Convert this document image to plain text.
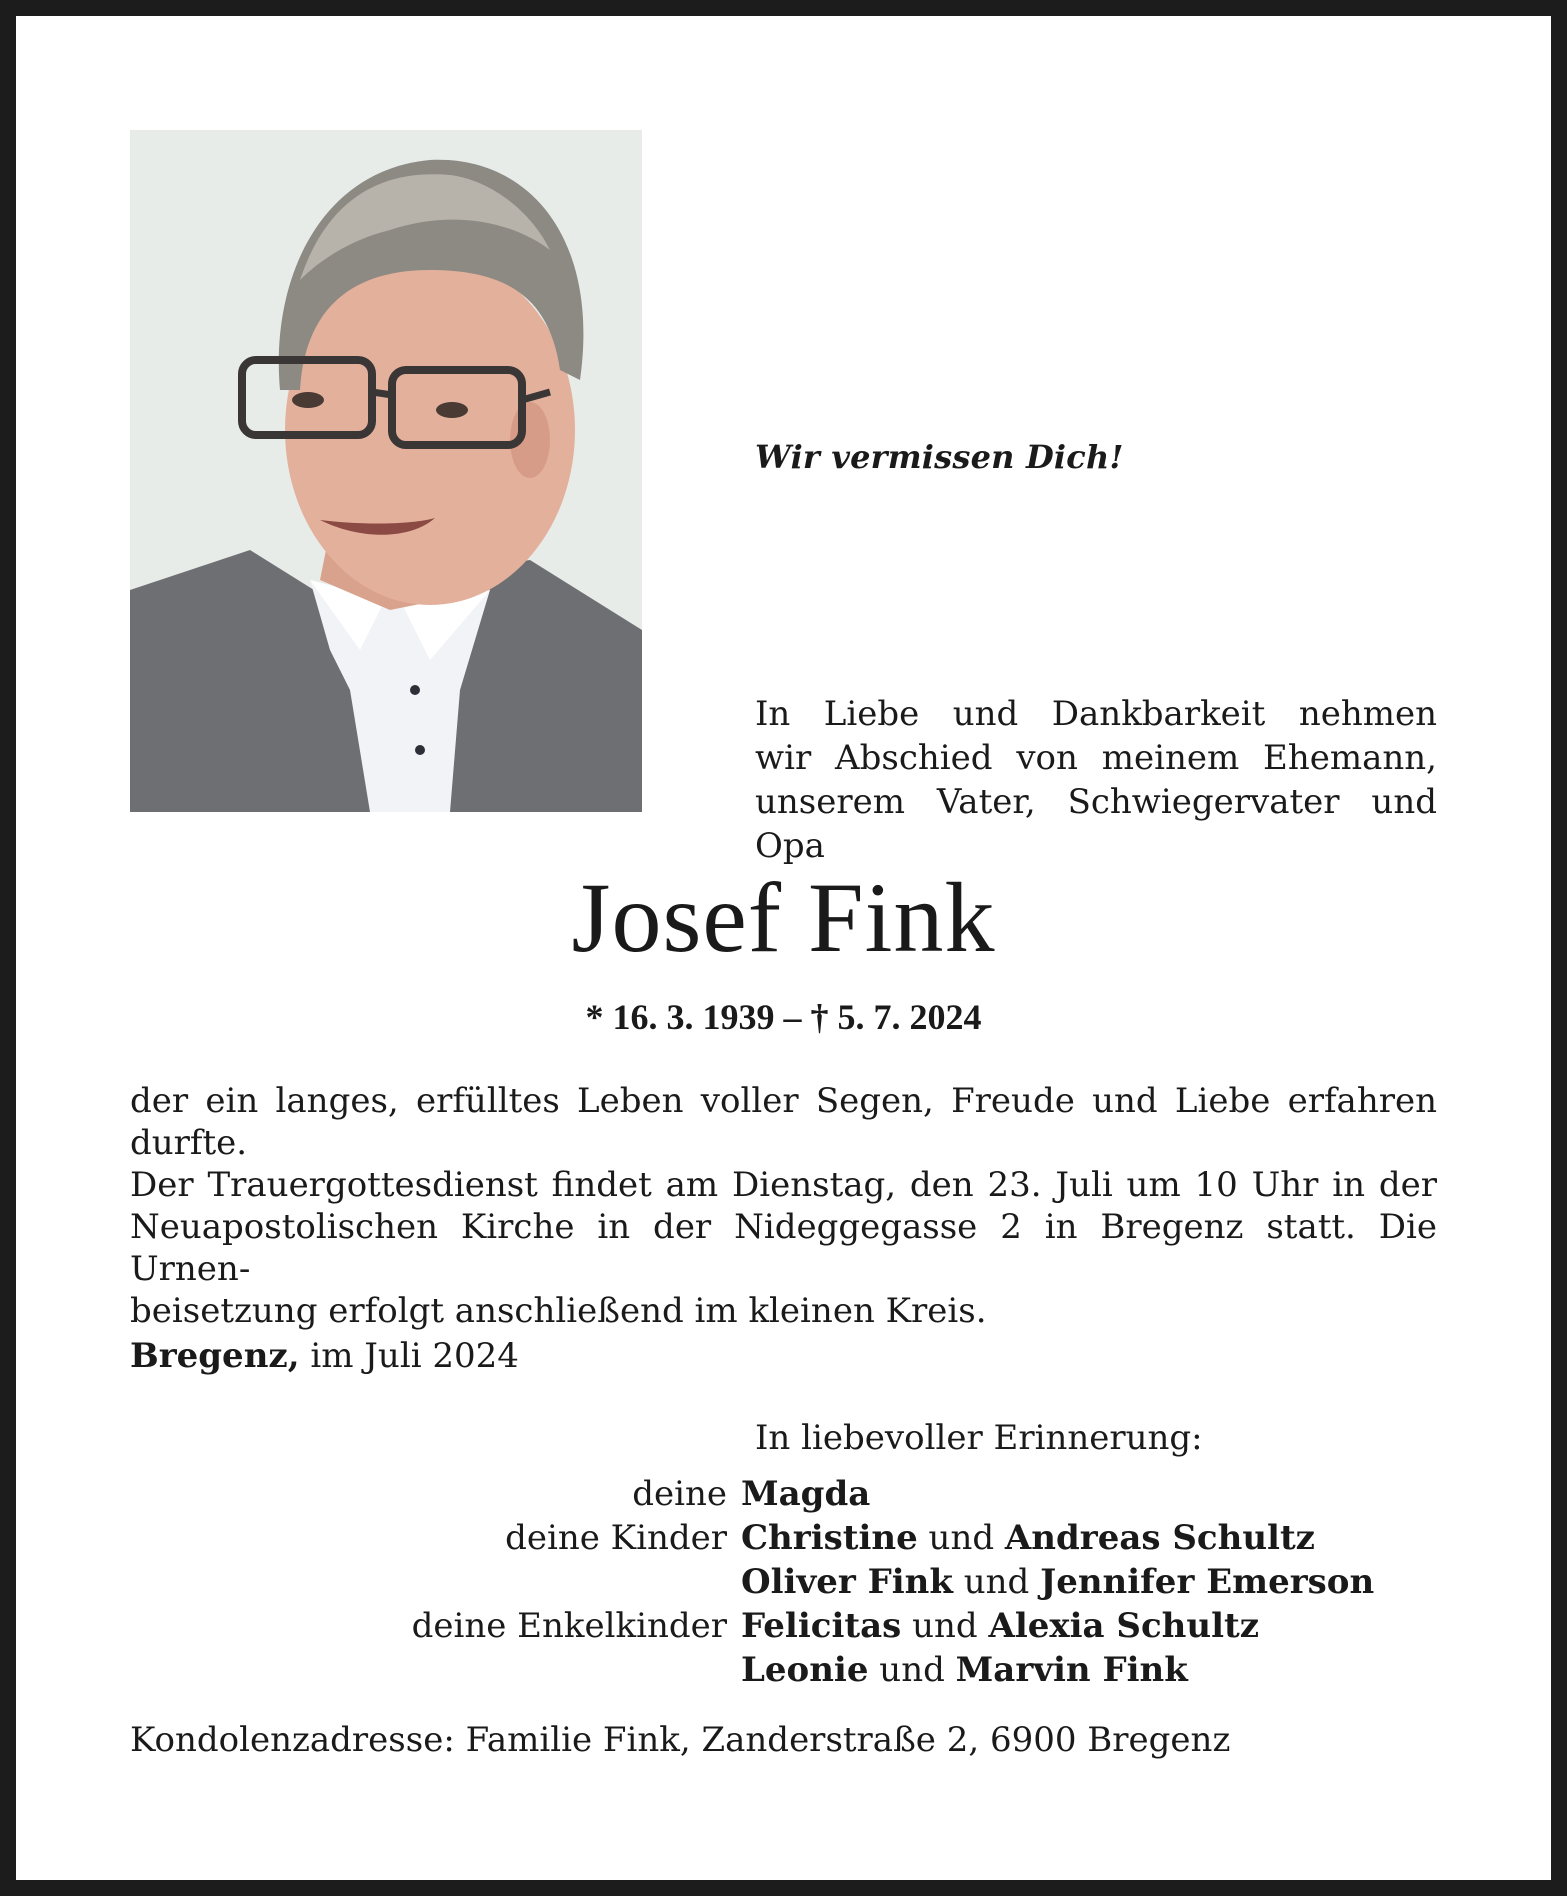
Wir vermissen Dich!
In Liebe und Dankbarkeit nehmen
wir Abschied von meinem Ehemann,
unserem Vater, Schwiegervater und Opa
Josef Fink
* 16. 3. 1939 – † 5. 7. 2024

der ein langes, erfülltes Leben voller Segen, Freude und Liebe erfahren

durfte.

Der Trauergottesdienst findet am Dienstag, den 23. Juli um 10 Uhr in der

Neuapostolischen Kirche in der Nideggegasse 2 in Bregenz statt. Die Urnen-

beisetzung erfolgt anschließend im kleinen Kreis.

Bregenz, im Juli 2024
In liebevoller Erinnerung:
deine Magda
deine Kinder Christine und Andreas Schultz
Oliver Fink und Jennifer Emerson
deine Enkelkinder Felicitas und Alexia Schultz
Leonie und Marvin Fink
Kondolenzadresse: Familie Fink, Zanderstraße 2, 6900 Bregenz
